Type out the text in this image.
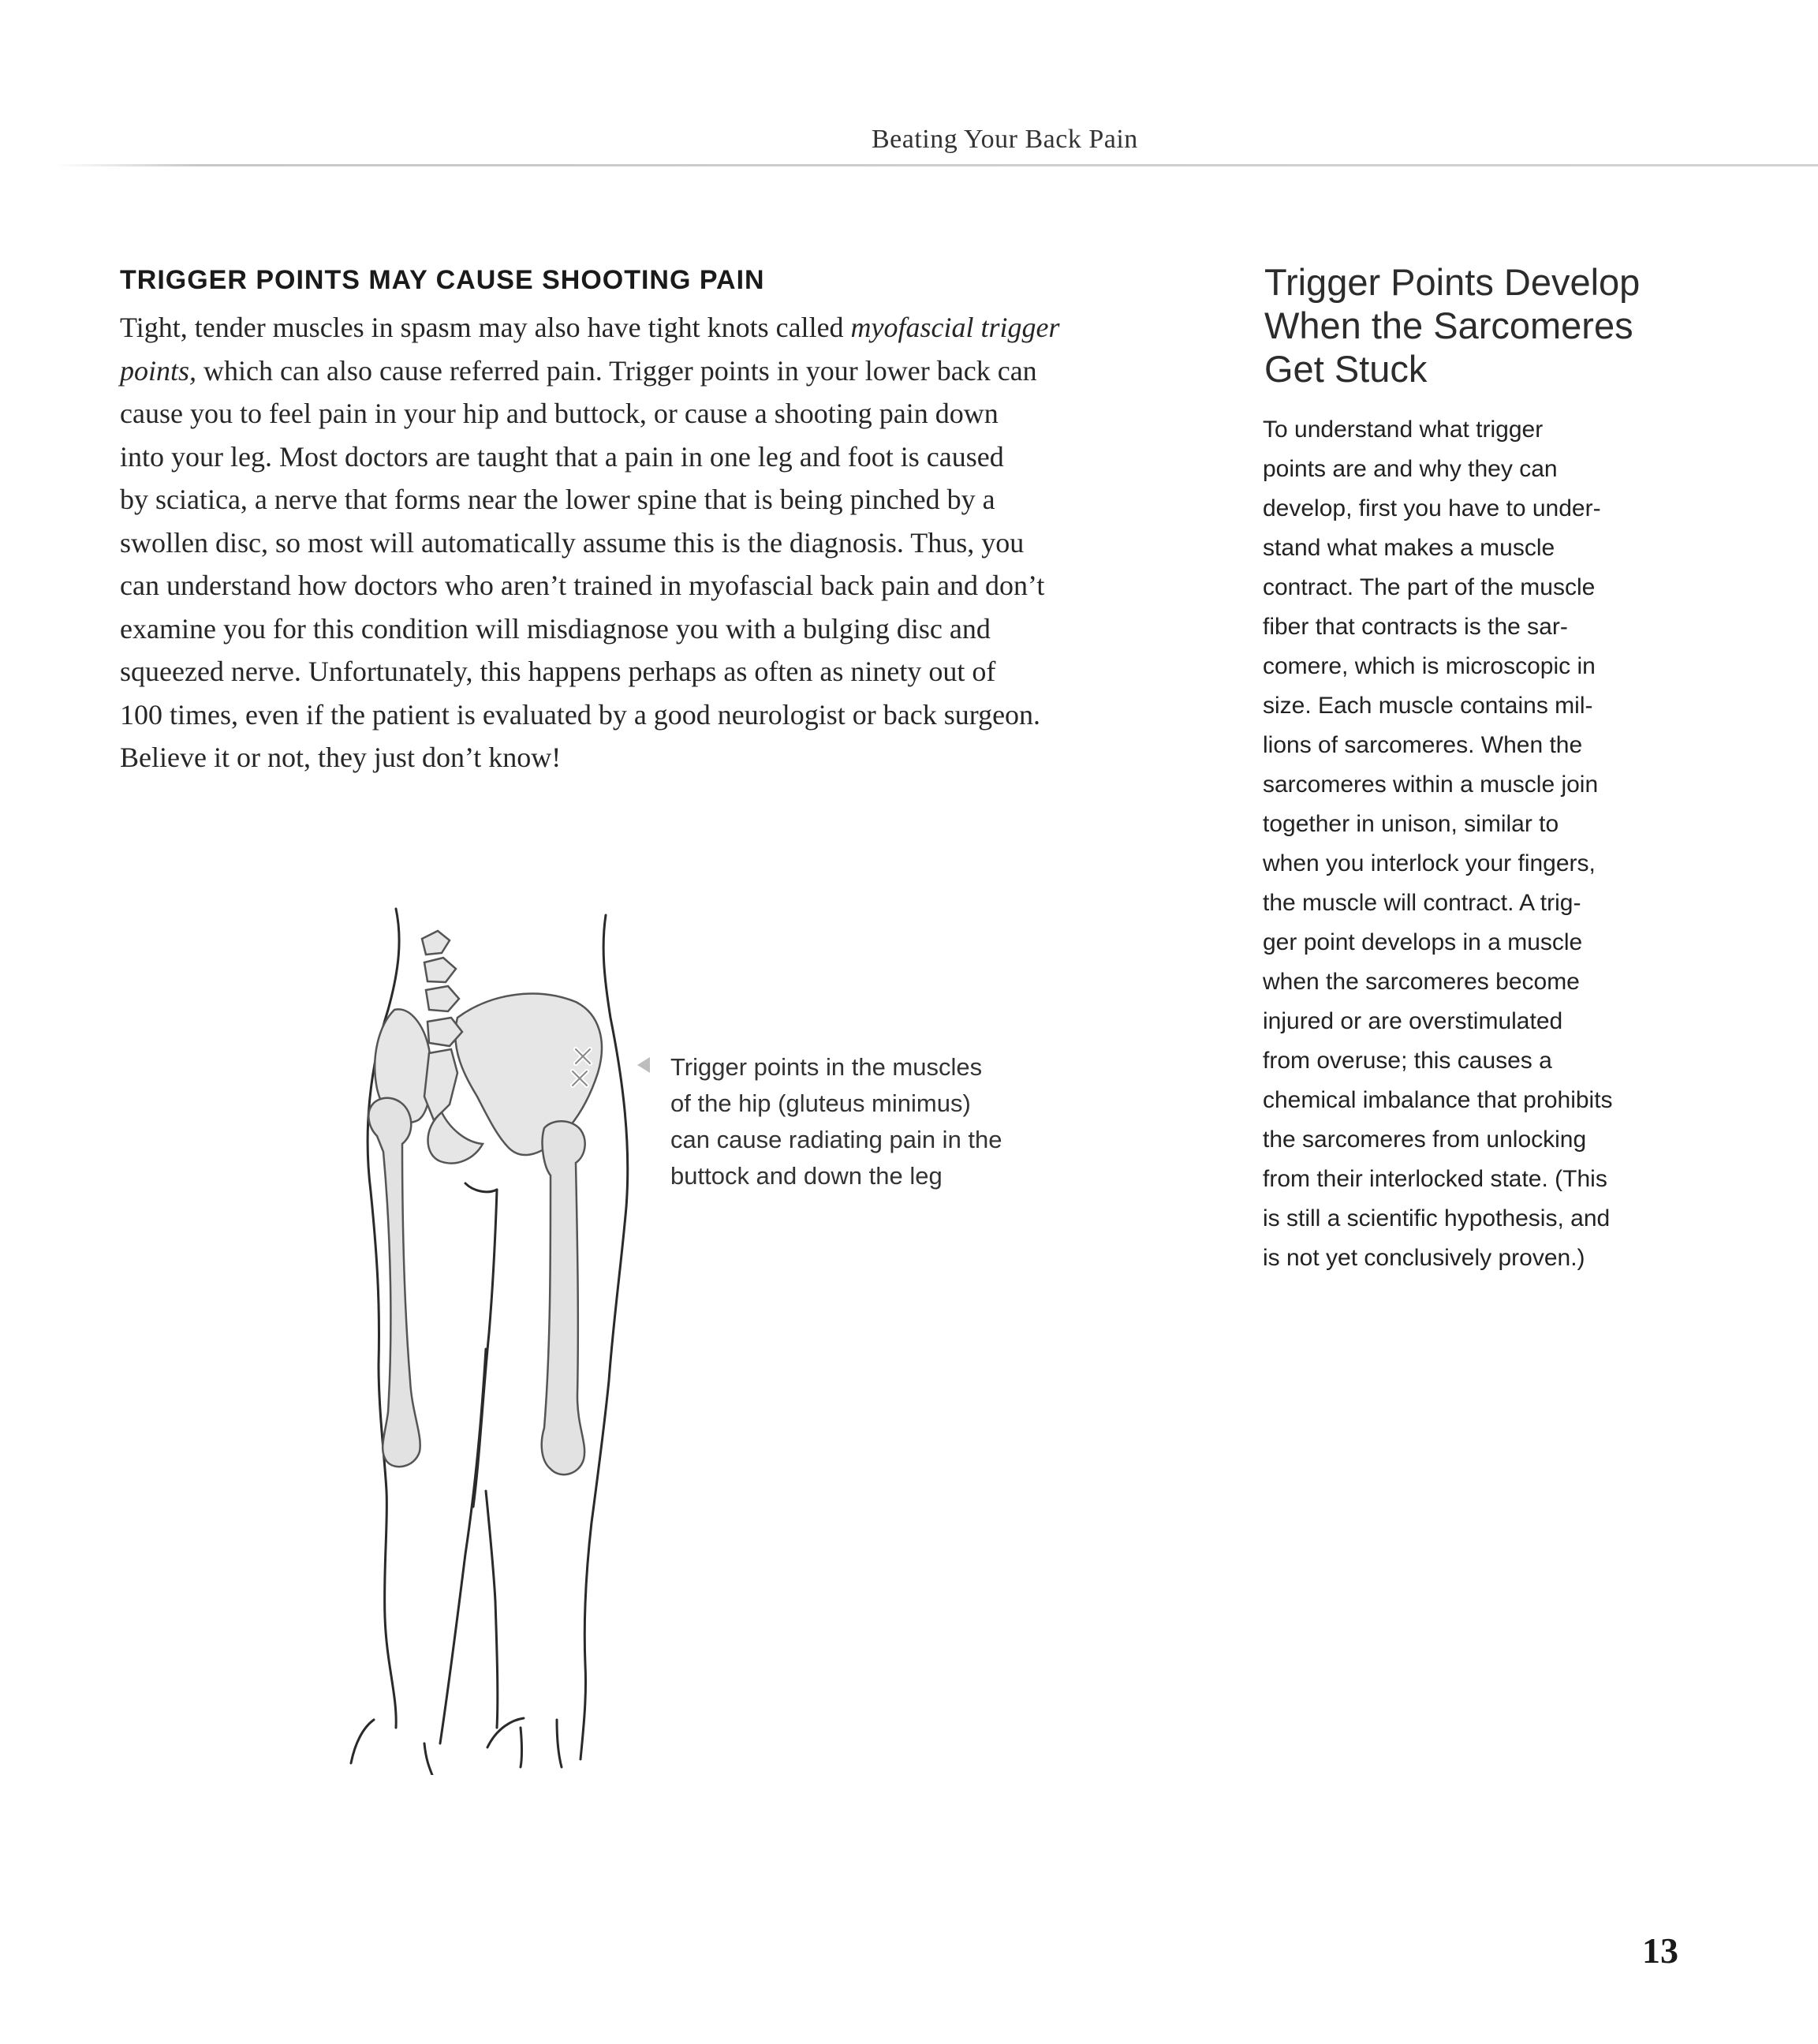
Beating Your Back Pain
TRIGGER POINTS MAY CAUSE SHOOTING PAIN

Tight, tender muscles in spasm may also have tight knots called myofascial trigger

points, which can also cause referred pain. Trigger points in your lower back can

cause you to feel pain in your hip and buttock, or cause a shooting pain down

into your leg. Most doctors are taught that a pain in one leg and foot is caused

by sciatica, a nerve that forms near the lower spine that is being pinched by a

swollen disc, so most will automatically assume this is the diagnosis. Thus, you

can understand how doctors who aren’t trained in myofascial back pain and don’t

examine you for this condition will misdiagnose you with a bulging disc and

squeezed nerve. Unfortunately, this happens perhaps as often as ninety out of

100 times, even if the patient is evaluated by a good neurologist or back surgeon.

Believe it or not, they just don’t know!

Trigger points in the muscles

of the hip (gluteus minimus)

can cause radiating pain in the

buttock and down the leg

Trigger Points Develop

When the Sarcomeres

Get Stuck

To understand what trigger

points are and why they can

develop, first you have to under-

stand what makes a muscle

contract. The part of the muscle

fiber that contracts is the sar-

comere, which is microscopic in

size. Each muscle contains mil-

lions of sarcomeres. When the

sarcomeres within a muscle join

together in unison, similar to

when you interlock your fingers,

the muscle will contract. A trig-

ger point develops in a muscle

when the sarcomeres become

injured or are overstimulated

from overuse; this causes a

chemical imbalance that prohibits

the sarcomeres from unlocking

from their interlocked state. (This

is still a scientific hypothesis, and

is not yet conclusively proven.)

13
